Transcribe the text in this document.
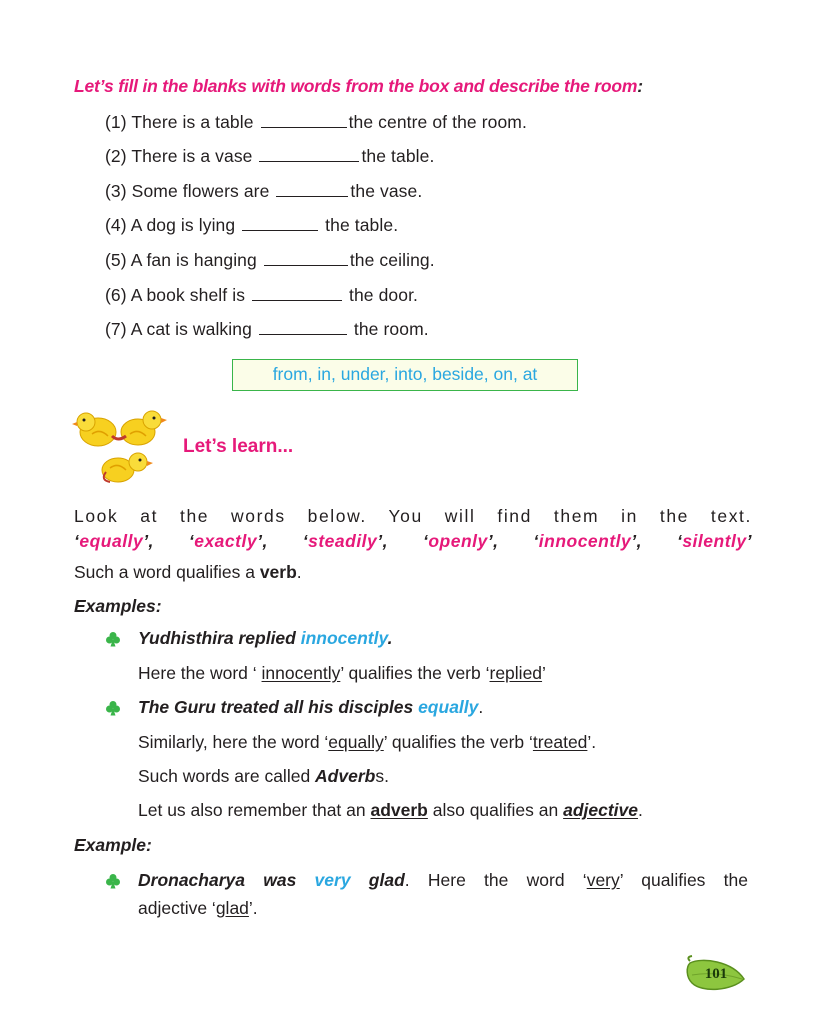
Let’s fill in the blanks with words from the box and describe the room:
(1) There is a table	the centre of the room.
(2) There is a vase	the table.
(3) Some flowers are	the vase.
(4) A dog is lying	the table.
(5) A fan is hanging	the ceiling.
(6) A book shelf is	the door.
(7) A cat is walking	the room.
from, in, under, into, beside, on, at
Let’s learn...
Look at the words below. You will find them in the text.
‘equally’, ‘exactly’, ‘steadily’, ‘openly’, ‘innocently’, ‘silently’
Such a word qualifies a verb.
Examples:
Yudhisthira replied innocently.
Here the word ‘ innocently’ qualifies the verb ‘replied’
The Guru treated all his disciples equally.
Similarly, here the word ‘equally’ qualifies the verb ‘treated’.
Such words are called Adverbs.
Let us also remember that an adverb also qualifies an adjective.
Example:
Dronacharya was very glad. Here the word ‘very’ qualifies the
adjective ‘glad’.
101
